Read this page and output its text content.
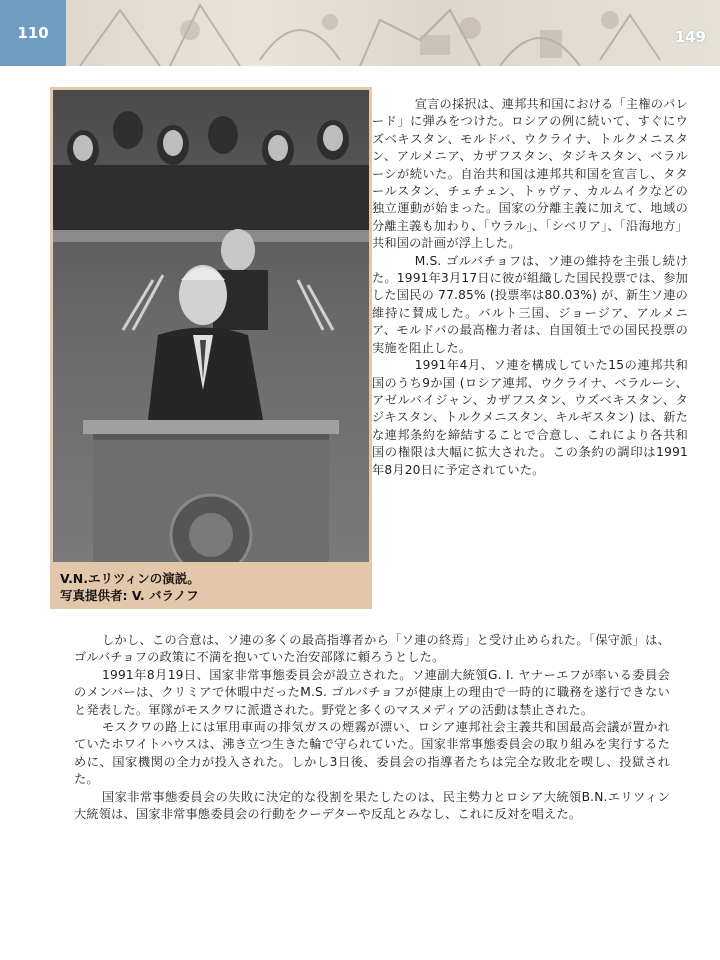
110	149
V.N.エリツィンの演説。
写真提供者: V. バラノフ

宣言の採択は、連邦共和国における「主権のパレード」に弾みをつけた。ロシアの例に続いて、すぐにウズベキスタン、モルドバ、ウクライナ、トルクメニスタン、アルメニア、カザフスタン、タジキスタン、ベラルーシが続いた。自治共和国は連邦共和国を宣言し、タタールスタン、チェチェン、トゥヴァ、カルムイクなどの独立運動が始まった。国家の分離主義に加えて、地域の分離主義も加わり、「ウラル」、「シベリア」、「沿海地方」共和国の計画が浮上した。

M.S. ゴルバチョフは、ソ連の維持を主張し続けた。1991年3月17日に彼が組織した国民投票では、参加した国民の 77.85% (投票率は80.03%) が、新生ソ連の維持に賛成した。バルト三国、ジョージア、アルメニア、モルドバの最高権力者は、自国領土での国民投票の実施を阻止した。

1991年4月、ソ連を構成していた15の連邦共和国のうち9か国 (ロシア連邦、ウクライナ、ベラルーシ、アゼルバイジャン、カザフスタン、ウズベキスタン、タジキスタン、トルクメニスタン、キルギスタン) は、新たな連邦条約を締結することで合意し、これにより各共和国の権限は大幅に拡大された。この条約の調印は1991年8月20日に予定されていた。

しかし、この合意は、ソ連の多くの最高指導者から「ソ連の終焉」と受け止められた。「保守派」は、ゴルバチョフの政策に不満を抱いていた治安部隊に頼ろうとした。

1991年8月19日、国家非常事態委員会が設立された。ソ連副大統領G. I. ヤナーエフが率いる委員会のメンバーは、クリミアで休暇中だったM.S. ゴルバチョフが健康上の理由で一時的に職務を遂行できないと発表した。軍隊がモスクワに派遣された。野党と多くのマスメディアの活動は禁止された。

モスクワの路上には軍用車両の排気ガスの煙霧が漂い、ロシア連邦社会主義共和国最高会議が置かれていたホワイトハウスは、沸き立つ生きた輪で守られていた。国家非常事態委員会の取り組みを実行するために、国家機関の全力が投入された。しかし3日後、委員会の指導者たちは完全な敗北を喫し、投獄された。

国家非常事態委員会の失敗に決定的な役割を果たしたのは、民主勢力とロシア大統領B.N.エリツィン大統領は、国家非常事態委員会の行動をクーデターや反乱とみなし、これに反対を唱えた。
